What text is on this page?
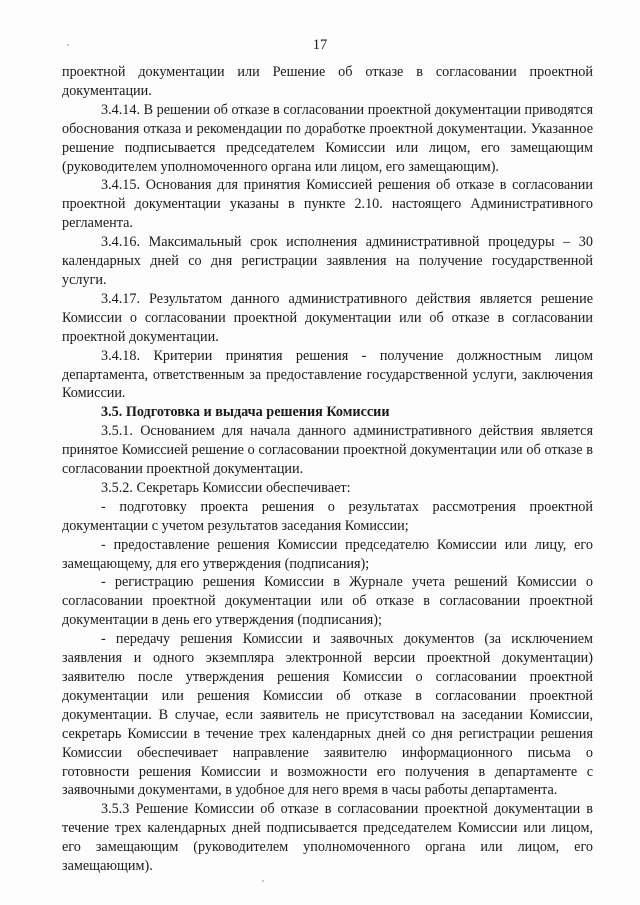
17

проектной документации или Решение об отказе в согласовании проектной документации.

3.4.14. В решении об отказе в согласовании проектной документации приводятся обоснования отказа и рекомендации по доработке проектной документации. Указанное решение подписывается председателем Комиссии или лицом, его замещающим (руководителем уполномоченного органа или лицом, его замещающим).

3.4.15. Основания для принятия Комиссией решения об отказе в согласовании проектной документации указаны в пункте 2.10. настоящего Административного регламента.

3.4.16. Максимальный срок исполнения административной процедуры – 30 календарных дней со дня регистрации заявления на получение государственной услуги.

3.4.17. Результатом данного административного действия является решение Комиссии о согласовании проектной документации или об отказе в согласовании проектной документации.

3.4.18. Критерии принятия решения - получение должностным лицом департамента, ответственным за предоставление государственной услуги, заключения Комиссии.

3.5. Подготовка и выдача решения Комиссии

3.5.1. Основанием для начала данного административного действия является принятое Комиссией решение о согласовании проектной документации или об отказе в согласовании проектной документации.

3.5.2. Секретарь Комиссии обеспечивает:

- подготовку проекта решения о результатах рассмотрения проектной документации с учетом результатов заседания Комиссии;

- предоставление решения Комиссии председателю Комиссии или лицу, его замещающему, для его утверждения (подписания);

- регистрацию решения Комиссии в Журнале учета решений Комиссии о согласовании проектной документации или об отказе в согласовании проектной документации в день его утверждения (подписания);

- передачу решения Комиссии и заявочных документов (за исключением заявления и одного экземпляра электронной версии проектной документации) заявителю после утверждения решения Комиссии о согласовании проектной документации или решения Комиссии об отказе в согласовании проектной документации. В случае, если заявитель не присутствовал на заседании Комиссии, секретарь Комиссии в течение трех календарных дней со дня регистрации решения Комиссии обеспечивает направление заявителю информационного письма о готовности решения Комиссии и возможности его получения в департаменте с заявочными документами, в удобное для него время в часы работы департамента.

3.5.3 Решение Комиссии об отказе в согласовании проектной документации в течение трех календарных дней подписывается председателем Комиссии или лицом, его замещающим (руководителем уполномоченного органа или лицом, его замещающим).
